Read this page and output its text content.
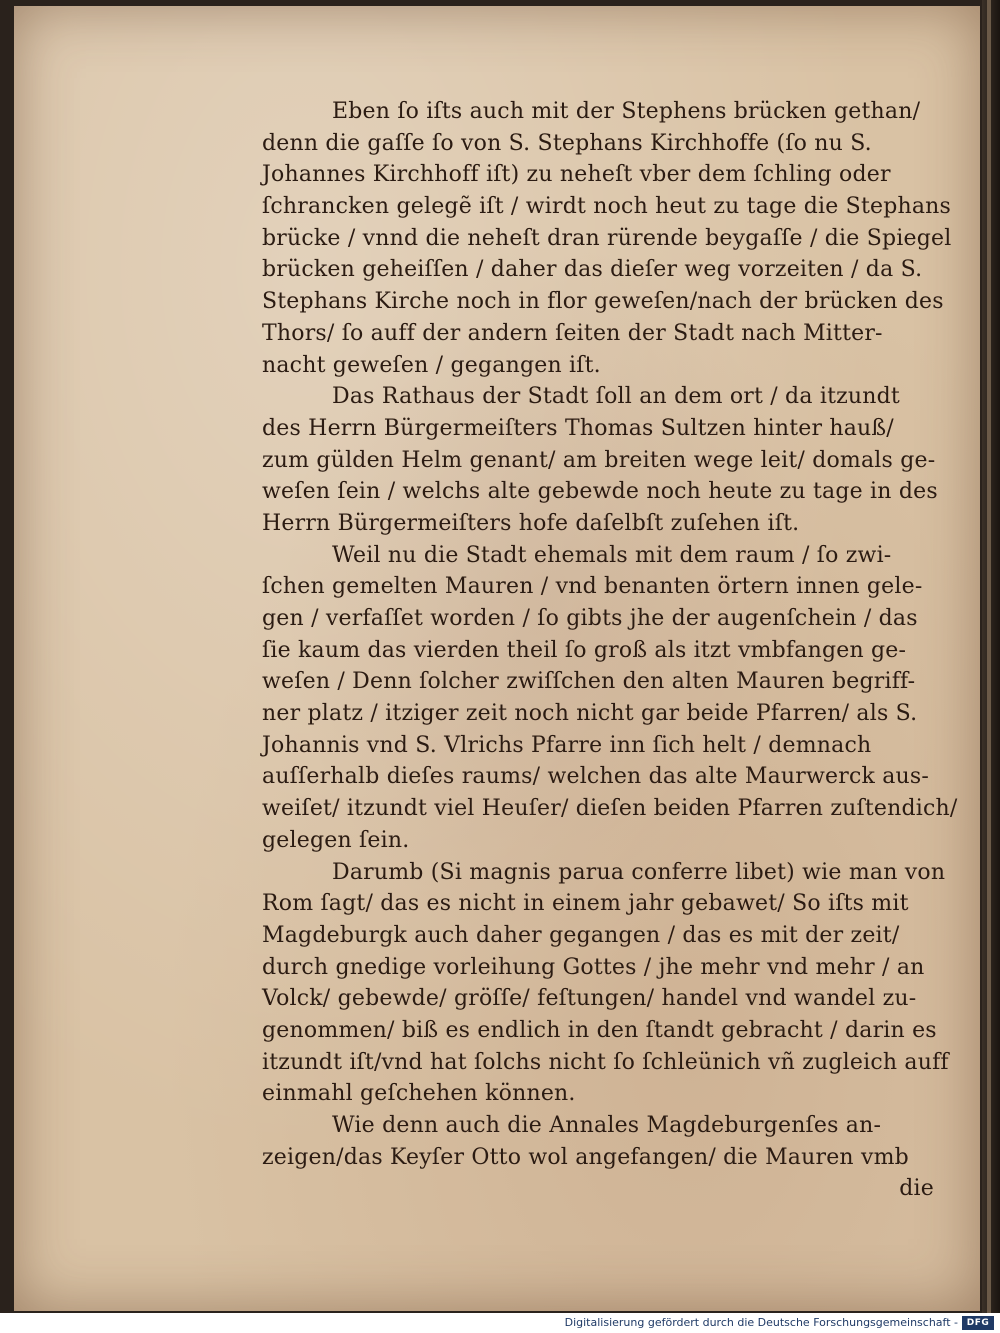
Eben ſo iſts auch mit der Stephens brücken gethan/
denn die gaſſe ſo von S. Stephans Kirchhoffe (ſo nu S.
Johannes Kirchhoff iſt) zu neheſt vber dem ſchling oder
ſchrancken gelegẽ iſt / wirdt noch heut zu tage die Stephans
brücke / vnnd die neheſt dran rürende beygaſſe / die Spiegel
brücken geheiſſen / daher das dieſer weg vorzeiten / da S.
Stephans Kirche noch in flor geweſen/nach der brücken des
Thors/ ſo auff der andern ſeiten der Stadt nach Mitter-
nacht geweſen / gegangen iſt.
Das Rathaus der Stadt ſoll an dem ort / da itzundt
des Herrn Bürgermeiſters Thomas Sultzen hinter hauß/
zum gülden Helm genant/ am breiten wege leit/ domals ge-
weſen ſein / welchs alte gebewde noch heute zu tage in des
Herrn Bürgermeiſters hofe daſelbſt zuſehen iſt.
Weil nu die Stadt ehemals mit dem raum / ſo zwi-
ſchen gemelten Mauren / vnd benanten örtern innen gele-
gen / verfaſſet worden / ſo gibts jhe der augenſchein / das
ſie kaum das vierden theil ſo groß als itzt vmbfangen ge-
weſen / Denn ſolcher zwiſſchen den alten Mauren begriff-
ner platz / itziger zeit noch nicht gar beide Pfarren/ als S.
Johannis vnd S. Vlrichs Pfarre inn ſich helt / demnach
auſſerhalb dieſes raums/ welchen das alte Maurwerck aus-
weiſet/ itzundt viel Heuſer/ dieſen beiden Pfarren zuſtendich/
gelegen ſein.
Darumb (Si magnis parua conferre libet) wie man von
Rom ſagt/ das es nicht in einem jahr gebawet/ So iſts mit
Magdeburgk auch daher gegangen / das es mit der zeit/
durch gnedige vorleihung Gottes / jhe mehr vnd mehr / an
Volck/ gebewde/ gröſſe/ feſtungen/ handel vnd wandel zu-
genommen/ biß es endlich in den ſtandt gebracht / darin es
itzundt iſt/vnd hat ſolchs nicht ſo ſchleünich vñ zugleich auff
einmahl geſchehen können.
Wie denn auch die Annales Magdeburgenſes an-
zeigen/das Keyſer Otto wol angefangen/ die Mauren vmb
die
Digitalisierung gefördert durch die Deutsche Forschungsgemeinschaft - DFG
